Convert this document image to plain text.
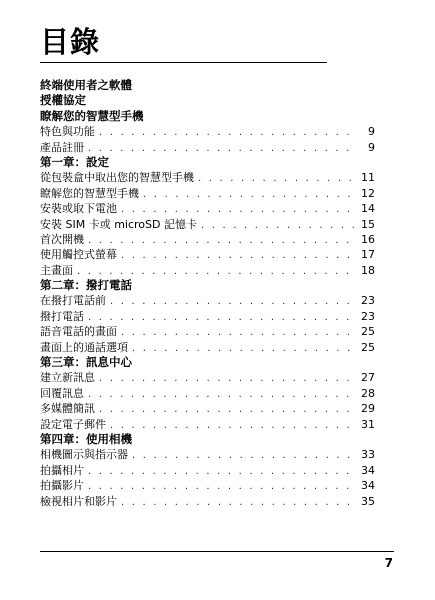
目錄
終端使用者之軟體
授權協定
瞭解您的智慧型手機
特色與功能 . . .	9
產品註冊 . . .	9
第一章：設定
從包裝盒中取出您的智慧型手機 . . .	11
瞭解您的智慧型手機 . . .	12
安裝或取下電池 . . .	14
安裝 SIM 卡或 microSD 記憶卡 . . .	15
首次開機 . . .	16
使用觸控式螢幕 . . .	17
主畫面 . . .	18
第二章：撥打電話
在撥打電話前 . . .	23
撥打電話 . . .	23
語音電話的畫面 . . .	25
畫面上的通話選項 . . .	25
第三章：訊息中心
建立新訊息 . . .	27
回覆訊息 . . .	28
多媒體簡訊 . . .	29
設定電子郵件 . . .	31
第四章：使用相機
相機圖示與指示器 . . .	33
拍攝相片 . . .	34
拍攝影片 . . .	34
檢視相片和影片 . . .	35
7
